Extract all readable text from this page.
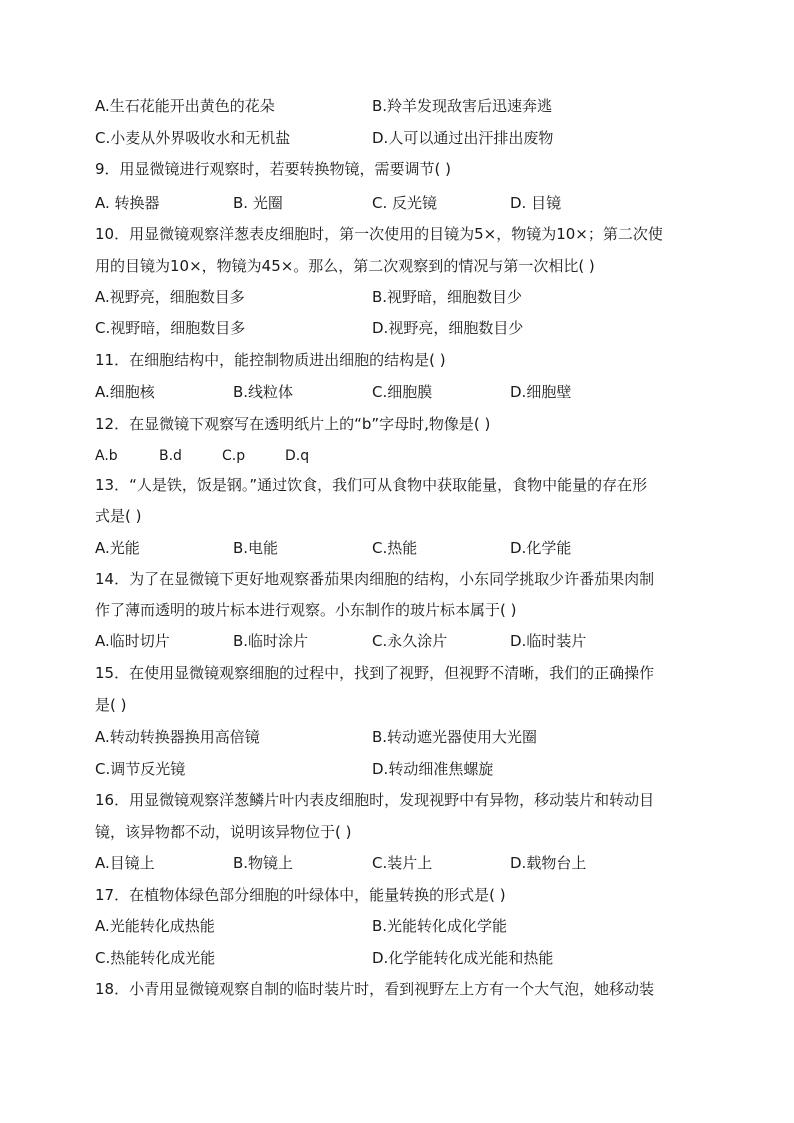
A.生石花能开出黄色的花朵	B.羚羊发现敌害后迅速奔逃
C.小麦从外界吸收水和无机盐	D.人可以通过出汗排出废物
9．用显微镜进行观察时，若要转换物镜，需要调节( )
A. 转换器	B. 光圈	C. 反光镜	D. 目镜
10．用显微镜观察洋葱表皮细胞时，第一次使用的目镜为5×，物镜为10×；第二次使
用的目镜为10×，物镜为45×。那么，第二次观察到的情况与第一次相比( )
A.视野亮，细胞数目多	B.视野暗，细胞数目少
C.视野暗，细胞数目多	D.视野亮，细胞数目少
11．在细胞结构中，能控制物质进出细胞的结构是( )
A.细胞核	B.线粒体	C.细胞膜	D.细胞壁
12．在显微镜下观察写在透明纸片上的“b”字母时,物像是( )
A.b	B.d	C.p	D.q
13．“人是铁，饭是钢。”通过饮食，我们可从食物中获取能量，食物中能量的存在形
式是( )
A.光能	B.电能	C.热能	D.化学能
14．为了在显微镜下更好地观察番茄果肉细胞的结构，小东同学挑取少许番茄果肉制
作了薄而透明的玻片标本进行观察。小东制作的玻片标本属于( )
A.临时切片	B.临时涂片	C.永久涂片	D.临时装片
15．在使用显微镜观察细胞的过程中，找到了视野，但视野不清晰，我们的正确操作
是( )
A.转动转换器换用高倍镜	B.转动遮光器使用大光圈
C.调节反光镜	D.转动细准焦螺旋
16．用显微镜观察洋葱鳞片叶内表皮细胞时，发现视野中有异物，移动装片和转动目
镜，该异物都不动，说明该异物位于( )
A.目镜上	B.物镜上	C.装片上	D.载物台上
17．在植物体绿色部分细胞的叶绿体中，能量转换的形式是( )
A.光能转化成热能	B.光能转化成化学能
C.热能转化成光能	D.化学能转化成光能和热能
18．小青用显微镜观察自制的临时装片时，看到视野左上方有一个大气泡，她移动装
